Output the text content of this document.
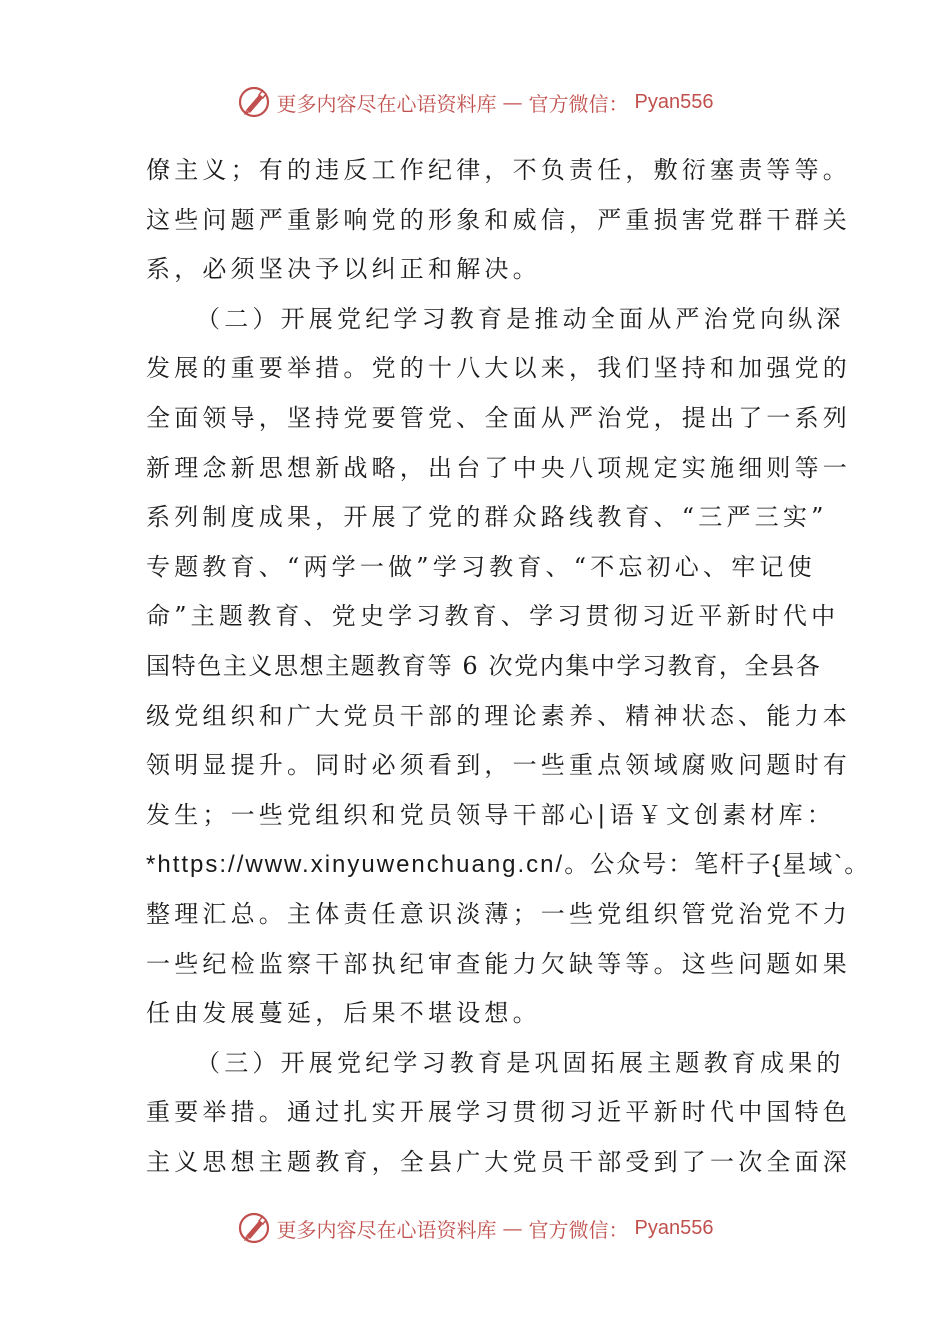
更多内容尽在心语资料库 — 官方微信： Pyan556
僚主义；有的违反工作纪律，不负责任，敷衍塞责等等。
这些问题严重影响党的形象和威信，严重损害党群干群关
系，必须坚决予以纠正和解决。
（二）开展党纪学习教育是推动全面从严治党向纵深
发展的重要举措。党的十八大以来，我们坚持和加强党的
全面领导，坚持党要管党、全面从严治党，提出了一系列
新理念新思想新战略，出台了中央八项规定实施细则等一
系列制度成果，开展了党的群众路线教育、“三严三实”
专题教育、“两学一做”学习教育、“不忘初心、牢记使
命”主题教育、党史学习教育、学习贯彻习近平新时代中
国特色主义思想主题教育等 6 次党内集中学习教育，全县各
级党组织和广大党员干部的理论素养、精神状态、能力本
领明显提升。同时必须看到，一些重点领域腐败问题时有
发生；一些党组织和党员领导干部心|语￥文创素材库：
*https://www.xinyuwenchuang.cn/。公众号：笔杆子{星域`。
整理汇总。主体责任意识淡薄；一些党组织管党治党不力
一些纪检监察干部执纪审查能力欠缺等等。这些问题如果
任由发展蔓延，后果不堪设想。
（三）开展党纪学习教育是巩固拓展主题教育成果的
重要举措。通过扎实开展学习贯彻习近平新时代中国特色
主义思想主题教育，全县广大党员干部受到了一次全面深
更多内容尽在心语资料库 — 官方微信： Pyan556
